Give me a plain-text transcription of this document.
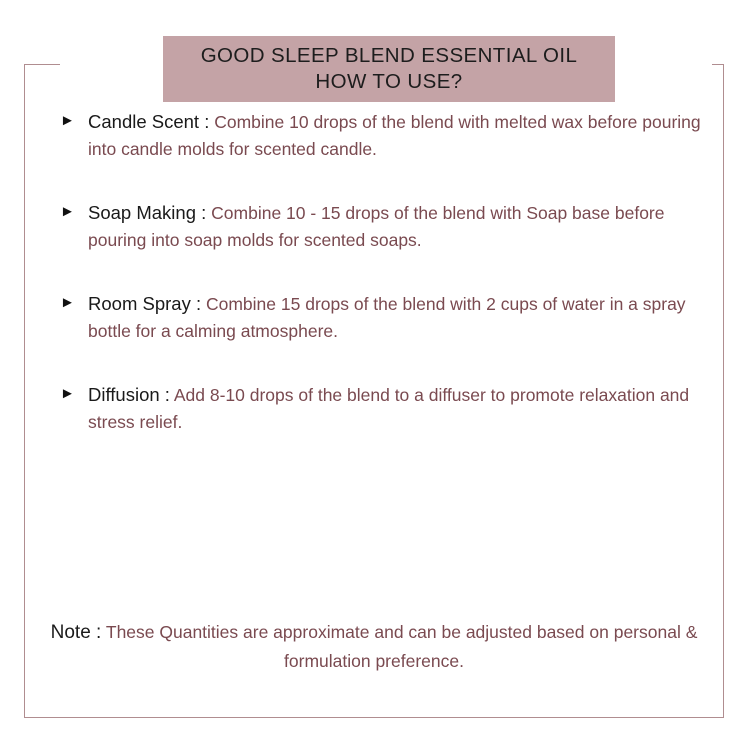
GOOD SLEEP BLEND ESSENTIAL OIL
HOW TO USE?
► Candle Scent : Combine 10 drops of the blend with melted wax before pouring into candle molds for scented candle.
► Soap Making : Combine 10 - 15 drops of the blend with Soap base before pouring into soap molds for scented soaps.
► Room Spray : Combine 15 drops of the blend with 2 cups of water in a spray bottle for a calming atmosphere.
► Diffusion : Add 8-10 drops of the blend to a diffuser to promote relaxation and stress relief.
Note : These Quantities are approximate and can be adjusted based on personal & formulation preference.
